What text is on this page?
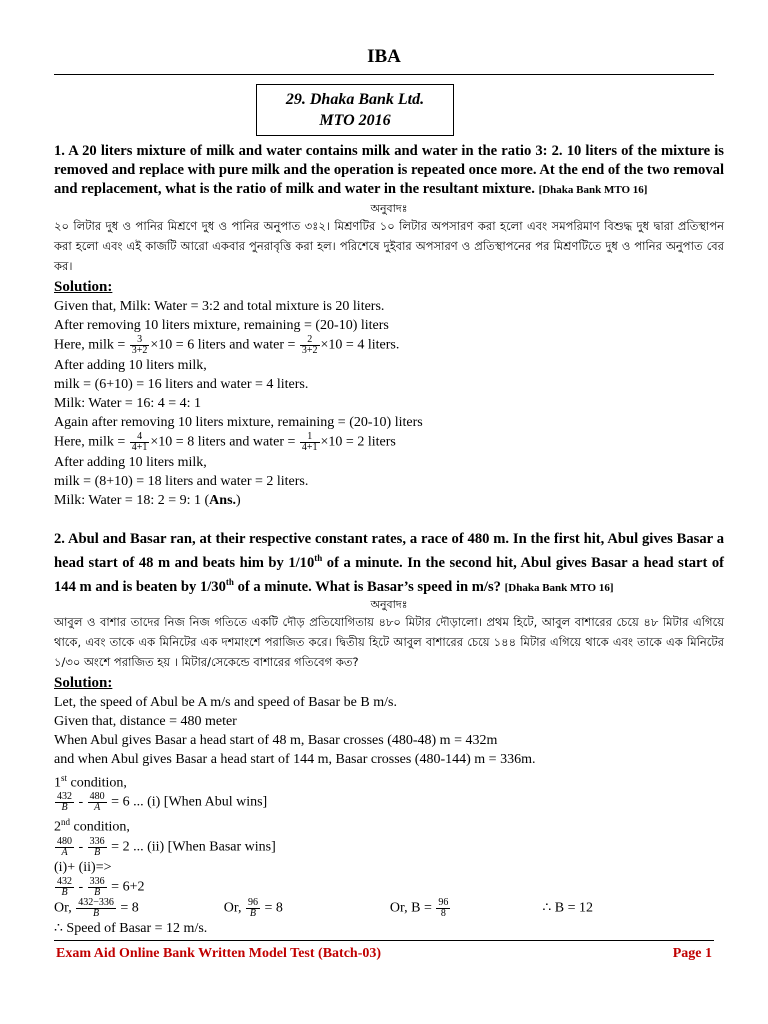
IBA
29. Dhaka Bank Ltd.
MTO 2016
1. A 20 liters mixture of milk and water contains milk and water in the ratio 3: 2. 10 liters of the mixture is removed and replace with pure milk and the operation is repeated once more. At the end of the two removal and replacement, what is the ratio of milk and water in the resultant mixture. [Dhaka Bank MTO 16]
অনুবাদঃ
২০ লিটার দুধ ও পানির মিশ্রণে দুধ ও পানির অনুপাত ৩ঃ২। মিশ্রণটির ১০ লিটার অপসারণ করা হলো এবং সমপরিমাণ বিশুদ্ধ দুধ দ্বারা প্রতিস্থাপন করা হলো এবং এই কাজটি আরো একবার পুনরাবৃত্তি করা হল। পরিশেষে দুইবার অপসারণ ও প্রতিস্থাপনের পর মিশ্রণটিতে দুধ ও পানির অনুপাত বের কর।
Solution:
Given that, Milk: Water = 3:2 and total mixture is 20 liters.
After removing 10 liters mixture, remaining = (20-10) liters
Here, milk = $\frac{3}{3+2} \times 10 = 6$ liters and water = $\frac{2}{3+2} \times 10 = 4$ liters.
After adding 10 liters milk,
milk = (6+10) = 16 liters and water = 4 liters.
Milk: Water = 16: 4 = 4: 1
Again after removing 10 liters mixture, remaining = (20-10) liters
Here, milk = $\frac{4}{4+1} \times 10 = 8$ liters and water = $\frac{1}{4+1} \times 10 = 2$ liters
After adding 10 liters milk,
milk = (8+10) = 18 liters and water = 2 liters.
Milk: Water = 18: 2 = 9: 1 (Ans.)
2. Abul and Basar ran, at their respective constant rates, a race of 480 m. In the first hit, Abul gives Basar a head start of 48 m and beats him by 1/10th of a minute. In the second hit, Abul gives Basar a head start of 144 m and is beaten by 1/30th of a minute. What is Basar’s speed in m/s? [Dhaka Bank MTO 16]
অনুবাদঃ
আবুল ও বাশার তাদের নিজ নিজ গতিতে একটি দৌড় প্রতিযোগিতায় ৪৮০ মিটার দৌড়ালো। প্রথম হিটে, আবুল বাশারের চেয়ে ৪৮ মিটার এগিয়ে থাকে, এবং তাকে এক মিনিটের এক দশমাংশে পরাজিত করে। দ্বিতীয় হিটে আবুল বাশারের চেয়ে ১৪৪ মিটার এগিয়ে থাকে এবং তাকে এক মিনিটের ১/৩০ অংশে পরাজিত হয় । মিটার/সেকেন্ডে বাশারের গতিবেগ কত?
Solution:
Let, the speed of Abul be A m/s and speed of Basar be B m/s.
Given that, distance = 480 meter
When Abul gives Basar a head start of 48 m, Basar crosses (480-48) m = 432m
and when Abul gives Basar a head start of 144 m, Basar crosses (480-144) m = 336m.
1st condition,
$\frac{432}{B} - \frac{480}{A} = 6$ ... (i) [When Abul wins]
2nd condition,
$\frac{480}{A} - \frac{336}{B} = 2$ ... (ii) [When Basar wins]
(i)+ (ii)=>
$\frac{432}{B} - \frac{336}{B} = 6+2$
Or, $\frac{432-336}{B} = 8$	Or, $\frac{96}{B} = 8$	Or, $B = \frac{96}{8}$	∴ B = 12
∴ Speed of Basar = 12 m/s.
Exam Aid Online Bank Written Model Test (Batch-03)	Page 1
